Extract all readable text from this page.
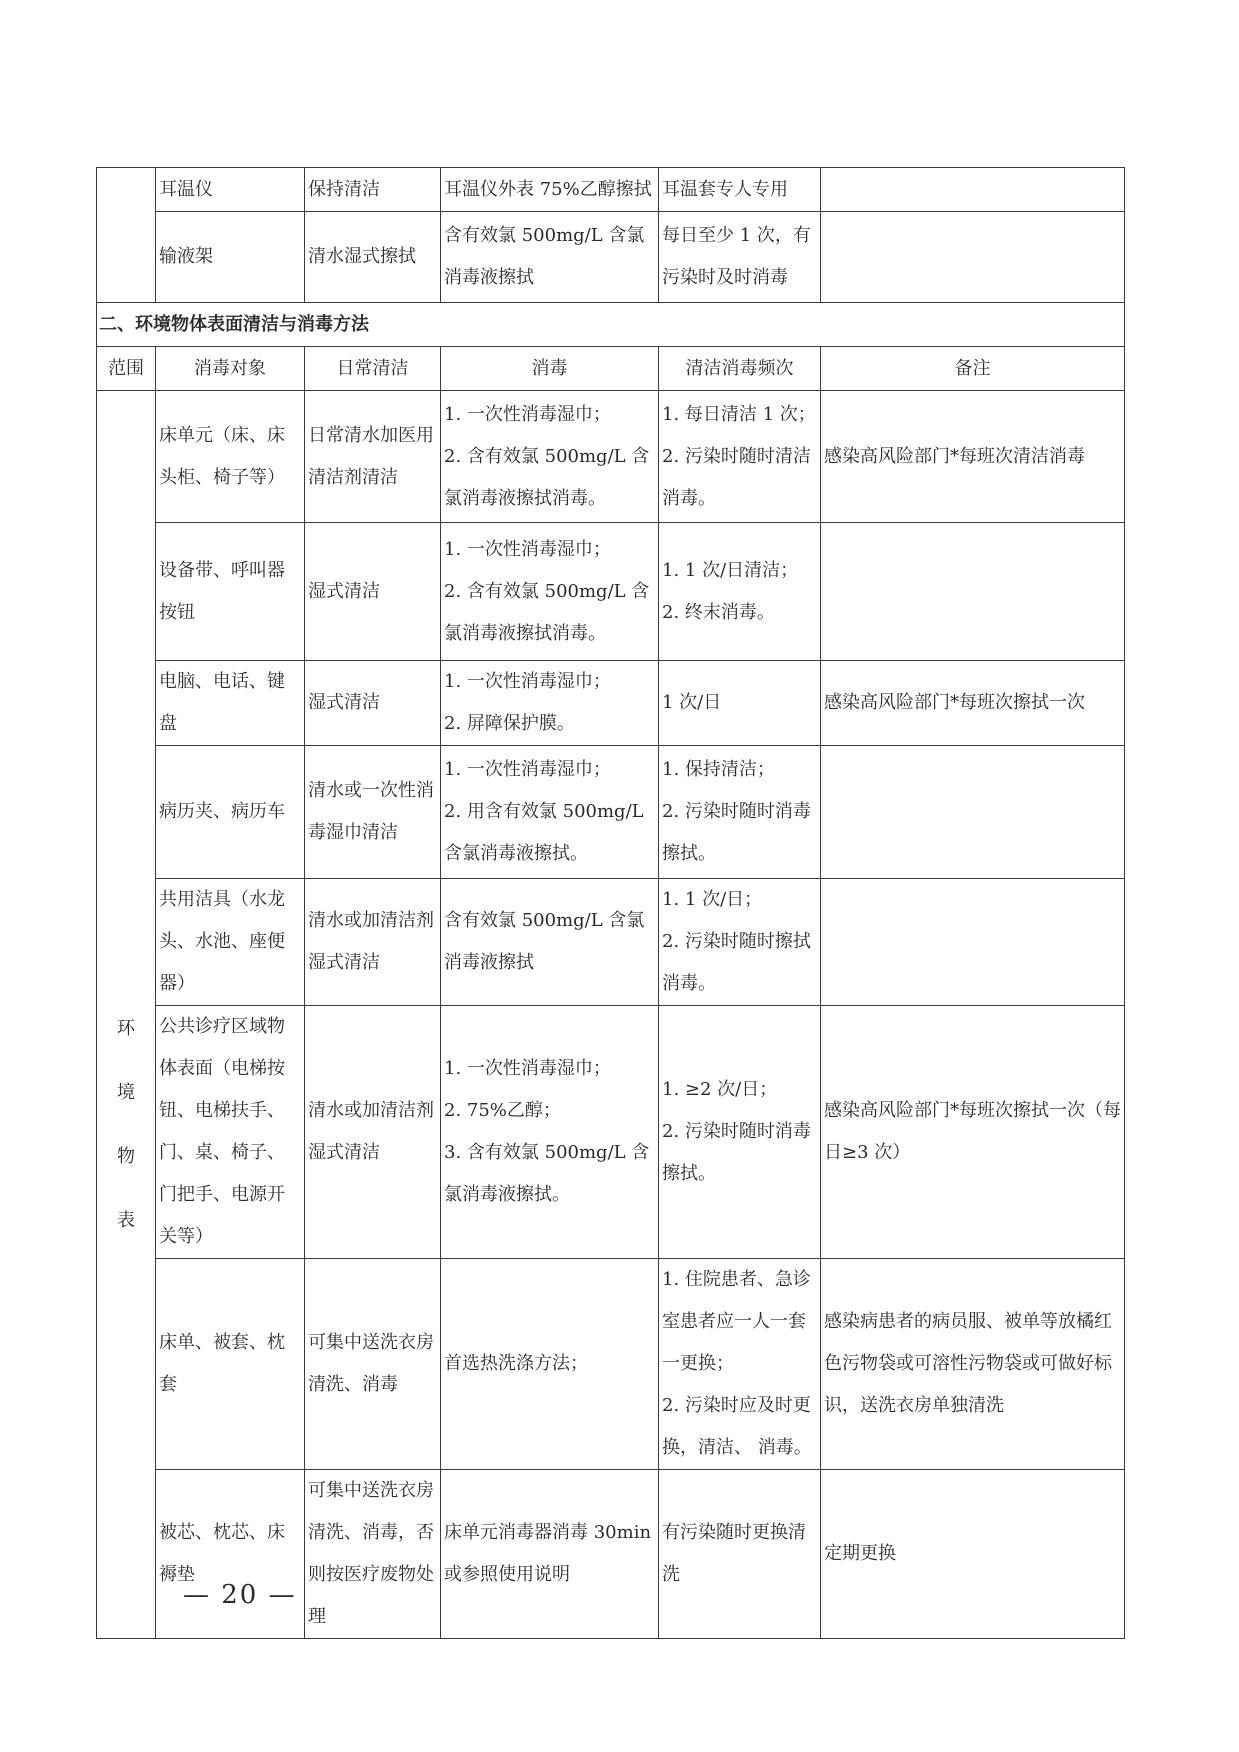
	耳温仪	保持清洁	耳温仪外表 75%乙醇擦拭	耳温套专人专用	
	输液架	清水湿式擦拭	含有效氯 500mg/L 含氯消毒液擦拭	每日至少 1 次，有污染时及时消毒	
二、环境物体表面清洁与消毒方法					
范围	消毒对象	日常清洁	消毒	清洁消毒频次	备注

环
境
物
表	床单元（床、床头柜、椅子等）	日常清水加医用清洁剂清洁	1. 一次性消毒湿巾；
2. 含有效氯 500mg/L 含氯消毒液擦拭消毒。	1. 每日清洁 1 次；
2. 污染时随时清洁消毒。	感染高风险部门*每班次清洁消毒

	设备带、呼叫器按钮	湿式清洁	1. 一次性消毒湿巾；
2. 含有效氯 500mg/L 含氯消毒液擦拭消毒。	1. 1 次/日清洁；
2. 终末消毒。	

	电脑、电话、键盘	湿式清洁	1. 一次性消毒湿巾；
2. 屏障保护膜。	1 次/日	感染高风险部门*每班次擦拭一次

	病历夹、病历车	清水或一次性消毒湿巾清洁	1. 一次性消毒湿巾；
2. 用含有效氯 500mg/L 含氯消毒液擦拭。	1. 保持清洁；
2. 污染时随时消毒擦拭。	

	共用洁具（水龙头、水池、座便器）	清水或加清洁剂湿式清洁	含有效氯 500mg/L 含氯消毒液擦拭	1. 1 次/日；
2. 污染时随时擦拭消毒。	

	公共诊疗区域物体表面（电梯按钮、电梯扶手、门、桌、椅子、门把手、电源开关等）	清水或加清洁剂湿式清洁	1. 一次性消毒湿巾；
2. 75%乙醇；
3. 含有效氯 500mg/L 含氯消毒液擦拭。	1. ≥2 次/日；
2. 污染时随时消毒擦拭。	感染高风险部门*每班次擦拭一次（每日≥3 次）

	床单、被套、枕套	可集中送洗衣房清洗、消毒	首选热洗涤方法；	1. 住院患者、急诊室患者应一人一套一更换；
2. 污染时应及时更换，清洁、 消毒。	感染病患者的病员服、被单等放橘红色污物袋或可溶性污物袋或可做好标识，送洗衣房单独清洗

	被芯、枕芯、床褥垫	可集中送洗衣房清洗、消毒，否则按医疗废物处理	床单元消毒器消毒 30min 或参照使用说明	有污染随时更换清洗	定期更换
— 20 —
